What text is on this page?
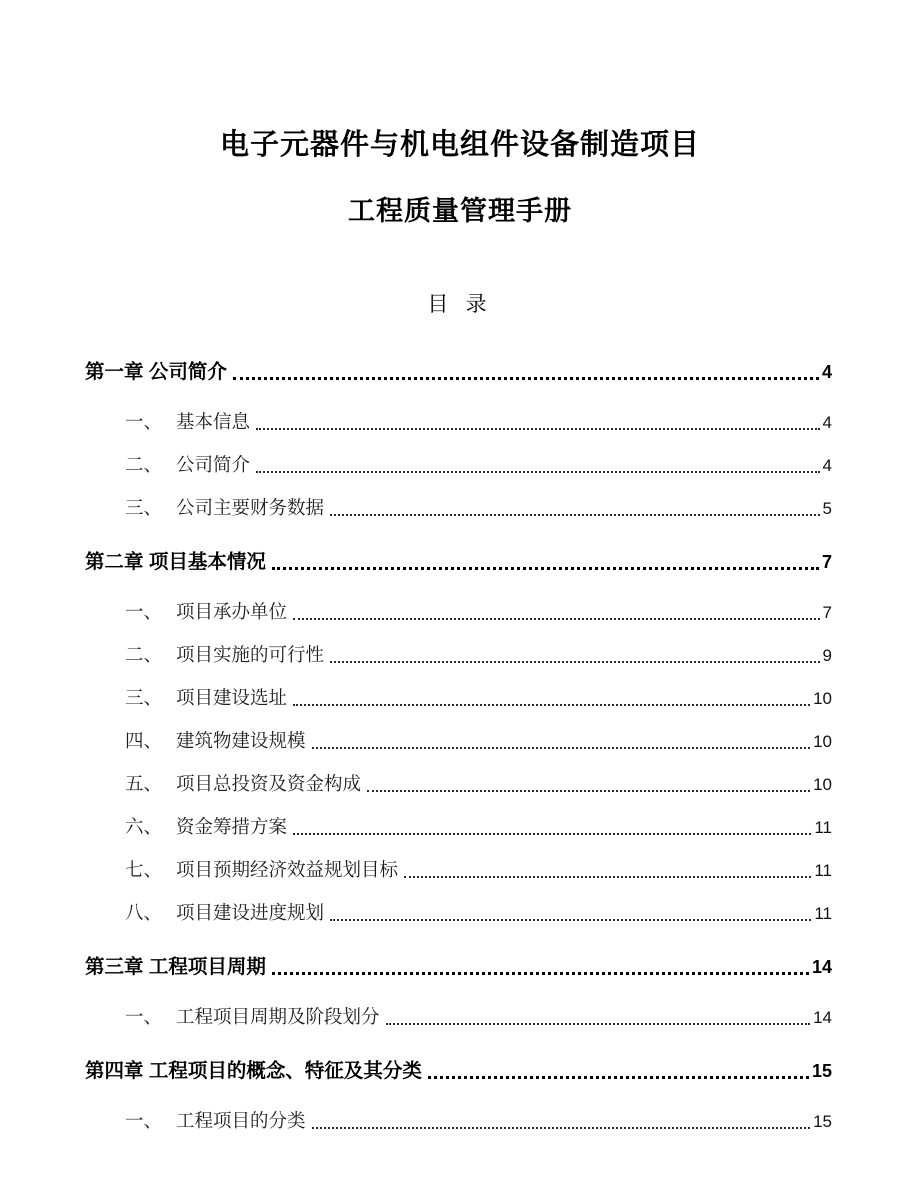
电子元器件与机电组件设备制造项目
工程质量管理手册
目 录
第一章 公司简介	4
一、 基本信息	4
二、 公司简介	4
三、 公司主要财务数据	5
第二章 项目基本情况	7
一、 项目承办单位	7
二、 项目实施的可行性	9
三、 项目建设选址	10
四、 建筑物建设规模	10
五、 项目总投资及资金构成	10
六、 资金筹措方案	11
七、 项目预期经济效益规划目标	11
八、 项目建设进度规划	11
第三章 工程项目周期	14
一、 工程项目周期及阶段划分	14
第四章 工程项目的概念、特征及其分类	15
一、 工程项目的分类	15
